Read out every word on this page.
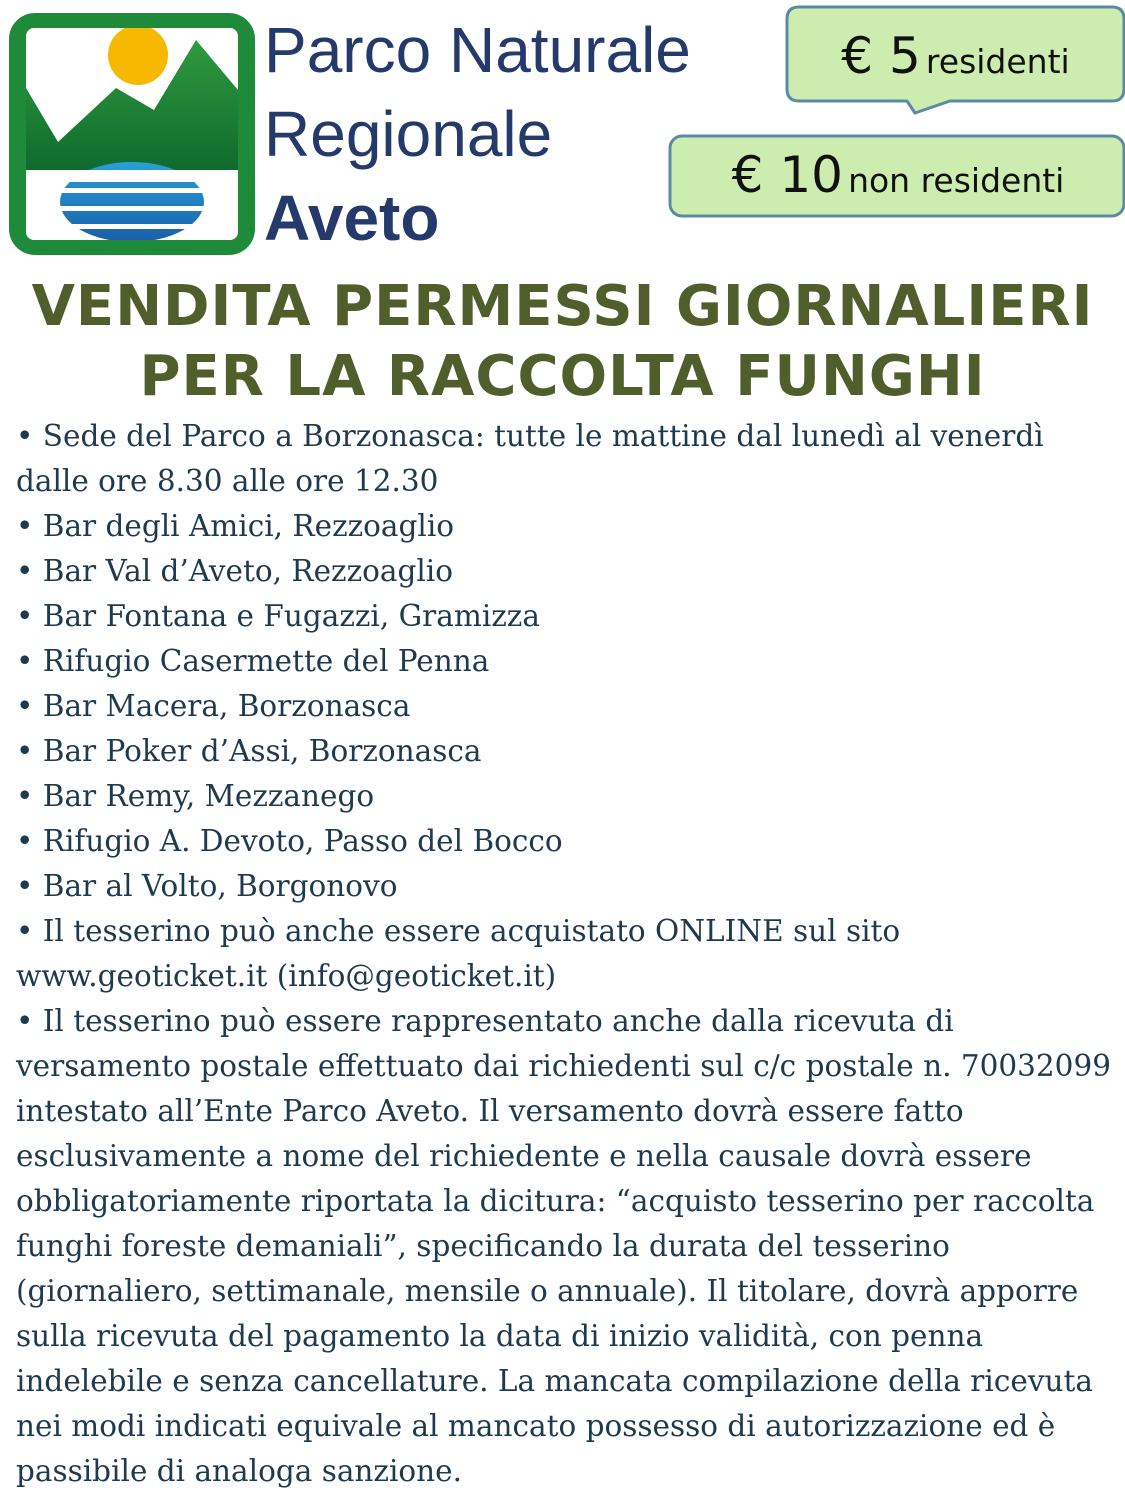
Parco Naturale
Regionale
Aveto
€ 5 residenti
€ 10 non residenti
VENDITA PERMESSI GIORNALIERI
PER LA RACCOLTA FUNGHI

• Sede del Parco a Borzonasca: tutte le mattine dal lunedì al venerdì dalle ore 8.30 alle ore 12.30

• Bar degli Amici, Rezzoaglio

• Bar Val d’Aveto, Rezzoaglio

• Bar Fontana e Fugazzi, Gramizza

• Rifugio Casermette del Penna

• Bar Macera, Borzonasca

• Bar Poker d’Assi, Borzonasca

• Bar Remy, Mezzanego

• Rifugio A. Devoto, Passo del Bocco

• Bar al Volto, Borgonovo

• Il tesserino può anche essere acquistato ONLINE sul sito www.geoticket.it (info@geoticket.it)

• Il tesserino può essere rappresentato anche dalla ricevuta di versamento postale effettuato dai richiedenti sul c/c postale n. 70032099 intestato all’Ente Parco Aveto. Il versamento dovrà essere fatto esclusivamente a nome del richiedente e nella causale dovrà essere obbligatoriamente riportata la dicitura: “acquisto tesserino per raccolta funghi foreste demaniali”, specificando la durata del tesserino (giornaliero, settimanale, mensile o annuale). Il titolare, dovrà apporre sulla ricevuta del pagamento la data di inizio validità, con penna indelebile e senza cancellature. La mancata compilazione della ricevuta nei modi indicati equivale al mancato possesso di autorizzazione ed è passibile di analoga sanzione.
